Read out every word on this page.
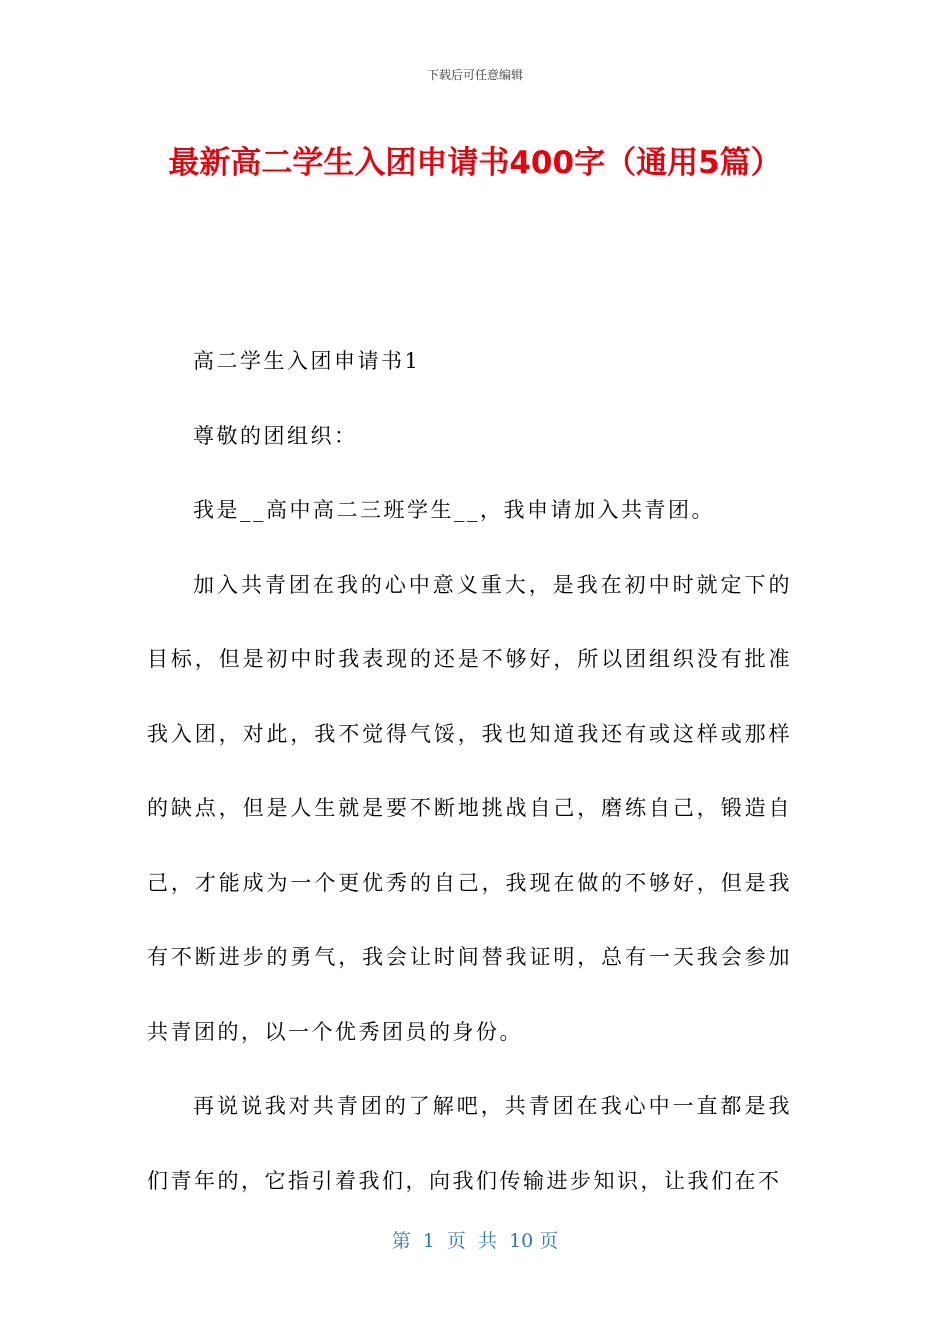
下载后可任意编辑
最新高二学生入团申请书400字（通用5篇）

高二学生入团申请书1

尊敬的团组织：

我是__高中高二三班学生__，我申请加入共青团。

加入共青团在我的心中意义重大，是我在初中时就定下的目标，但是初中时我表现的还是不够好，所以团组织没有批准我入团，对此，我不觉得气馁，我也知道我还有或这样或那样的缺点，但是人生就是要不断地挑战自己，磨练自己，锻造自己，才能成为一个更优秀的自己，我现在做的不够好，但是我有不断进步的勇气，我会让时间替我证明，总有一天我会参加共青团的，以一个优秀团员的身份。

再说说我对共青团的了解吧，共青团在我心中一直都是我们青年的，它指引着我们，向我们传输进步知识，让我们在不

第  1  页  共  10 页
